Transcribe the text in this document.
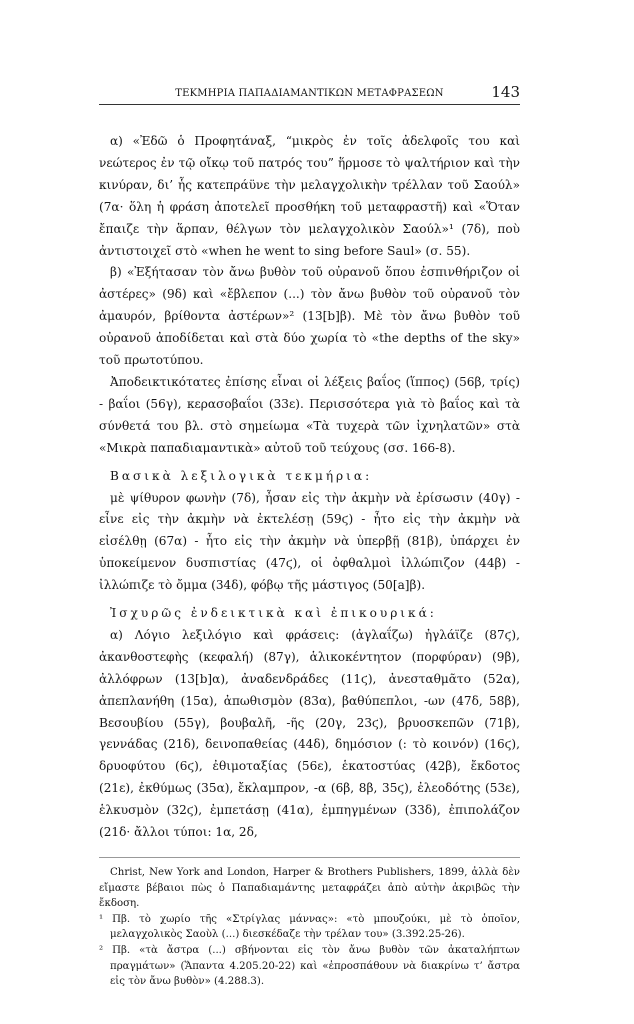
ΤΕΚΜΗΡΙΑ ΠΑΠΑΔΙΑΜΑΝΤΙΚΩΝ ΜΕΤΑΦΡΑΣΕΩΝ	143
α) «Ἐδῶ ὁ Προφητάναξ, “μικρὸς ἐν τοῖς ἀδελφοῖς του καὶ νεώτερος ἐν τῷ οἴκῳ τοῦ πατρός του” ἥρμοσε τὸ ψαλτήριον καὶ τὴν κινύραν, δι’ ἧς κατεπράϋνε τὴν μελαγχολικὴν τρέλλαν τοῦ Σαούλ» (7α· ὅλη ἡ φράση ἀποτελεῖ προσθήκη τοῦ μεταφραστῆ) καὶ «Ὅταν ἔπαιζε τὴν ἅρπαν, θέλγων τὸν μελαγχολικὸν Σαούλ»¹ (7δ), ποὺ ἀντιστοιχεῖ στὸ «when he went to sing before Saul» (σ. 55).
β) «Ἐξήτασαν τὸν ἄνω βυθὸν τοῦ οὐρανοῦ ὅπου ἐσπινθήριζον οἱ ἀστέρες» (9δ) καὶ «ἔβλεπον (...) τὸν ἄνω βυθὸν τοῦ οὐρανοῦ τὸν ἀμαυρόν, βρίθοντα ἀστέρων»² (13[b]β). Μὲ τὸν ἄνω βυθὸν τοῦ οὐρανοῦ ἀποδίδεται καὶ στὰ δύο χωρία τὸ «the depths of the sky» τοῦ πρωτοτύπου.
Ἀποδεικτικότατες ἐπίσης εἶναι οἱ λέξεις βαΐος (ἵππος) (56β, τρίς) - βαΐοι (56γ), κερασοβαΐοι (33ε). Περισσότερα γιὰ τὸ βαΐος καὶ τὰ σύνθετά του βλ. στὸ σημείωμα «Τὰ τυχερὰ τῶν ἰχνηλατῶν» στὰ «Μικρὰ παπαδιαμαντικὰ» αὐτοῦ τοῦ τεύχους (σσ. 166-8).
Βασικὰ λεξιλογικὰ τεκμήρια:
μὲ ψίθυρον φωνὴν (7δ), ἦσαν εἰς τὴν ἀκμὴν νὰ ἐρίσωσιν (40γ) - εἶνε εἰς τὴν ἀκμὴν νὰ ἐκτελέσῃ (59ϛ) - ἦτο εἰς τὴν ἀκμὴν νὰ εἰσέλθῃ (67α) - ἦτο εἰς τὴν ἀκμὴν νὰ ὑπερβῇ (81β), ὑπάρχει ἐν ὑποκείμενον δυσπιστίας (47ϛ), οἱ ὀφθαλμοὶ ἰλλώπιζον (44β) - ἰλλώπιζε τὸ ὄμμα (34δ), φόβῳ τῆς μάστιγος (50[a]β).
Ἰσχυρῶς ἐνδεικτικὰ καὶ ἐπικουρικά:
α) Λόγιο λεξιλόγιο καὶ φράσεις: (ἀγλαΐζω) ἠγλάϊζε (87ϛ), ἀκανθοστεφὴς (κεφαλή) (87γ), ἁλικοκέντητον (πορφύραν) (9β), ἀλλόφρων (13[b]α), ἀναδενδράδες (11ϛ), ἀνεσταθμᾶτο (52α), ἀπεπλανήθη (15α), ἀπωθισμὸν (83α), βαθύπεπλοι, -ων (47δ, 58β), Βεσουβίου (55γ), βουβαλῆ, -ῆς (20γ, 23ϛ), βρυοσκεπῶν (71β), γεννάδας (21δ), δεινοπαθείας (44δ), δημόσιον (: τὸ κοινόν) (16ϛ), δρυοφύτου (6ϛ), ἐθιμοταξίας (56ε), ἑκατοστύας (42β), ἔκδοτος (21ε), ἐκθύμως (35α), ἔκλαμπρον, -α (6β, 8β, 35ϛ), ἐλεοδότης (53ε), ἑλκυσμὸν (32ϛ), ἐμπετάσῃ (41α), ἐμπηγμένων (33δ), ἐπιπολάζον (21δ· ἄλλοι τύποι: 1α, 2δ,
Christ, New York and London, Harper & Brothers Publishers, 1899, ἀλλὰ δὲν εἴμαστε βέβαιοι πὼς ὁ Παπαδιαμάντης μεταφράζει ἀπὸ αὐτὴν ἀκριβῶς τὴν ἔκδοση.
¹ Πβ. τὸ χωρίο τῆς «Στρίγλας μάννας»: «τὸ μπουζούκι, μὲ τὸ ὁποῖον, μελαγχολικὸς Σαοὺλ (...) διεσκέδαζε τὴν τρέλαν του» (3.392.25-26).
² Πβ. «τὰ ἄστρα (...) σβήνονται εἰς τὸν ἄνω βυθὸν τῶν ἀκαταλήπτων πραγμάτων» (Ἅπαντα 4.205.20-22) καὶ «ἐπροσπάθουν νὰ διακρίνω τ’ ἄστρα εἰς τὸν ἄνω βυθὸν» (4.288.3).
